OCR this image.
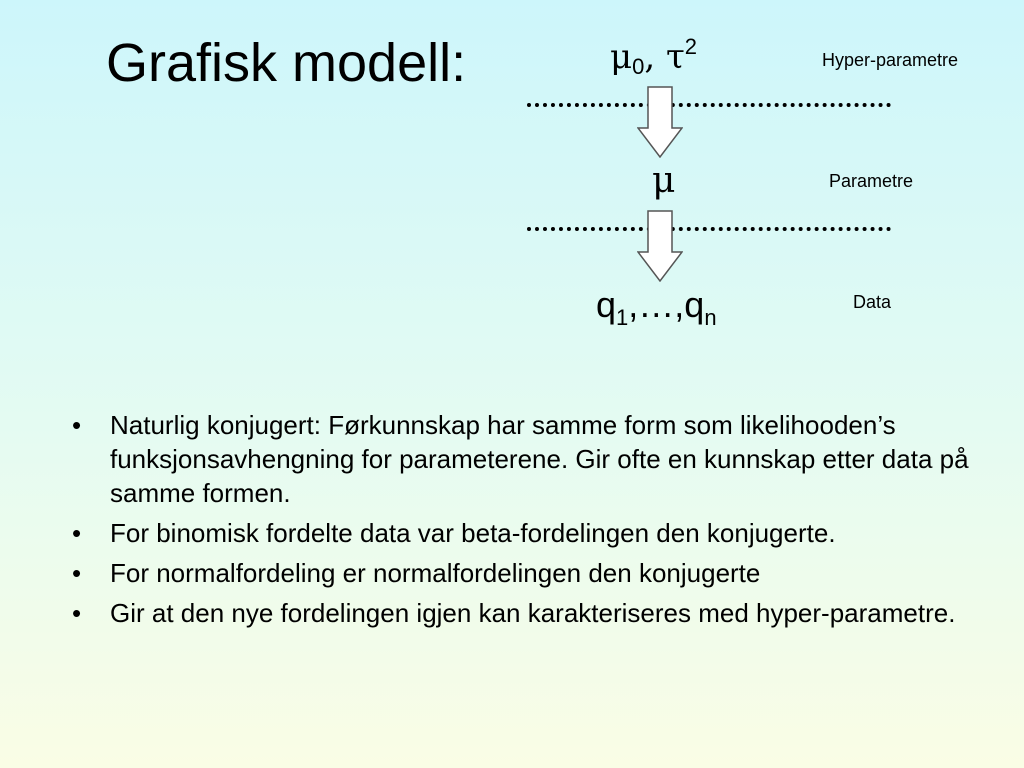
Grafisk modell:	$\mu_0$, $\tau^2$
Hyper-parametre
μ	Parametre
$q_1,\dots,q_n$
Data
• Naturlig konjugert: Førkunnskap har samme form som likelihooden’s funksjonsavhengning for parameterene. Gir ofte en kunnskap etter data på samme formen.
• For binomisk fordelte data var beta-fordelingen den konjugerte.
• For normalfordeling er normalfordelingen den konjugerte
• Gir at den nye fordelingen igjen kan karakteriseres med hyper-parametre.
